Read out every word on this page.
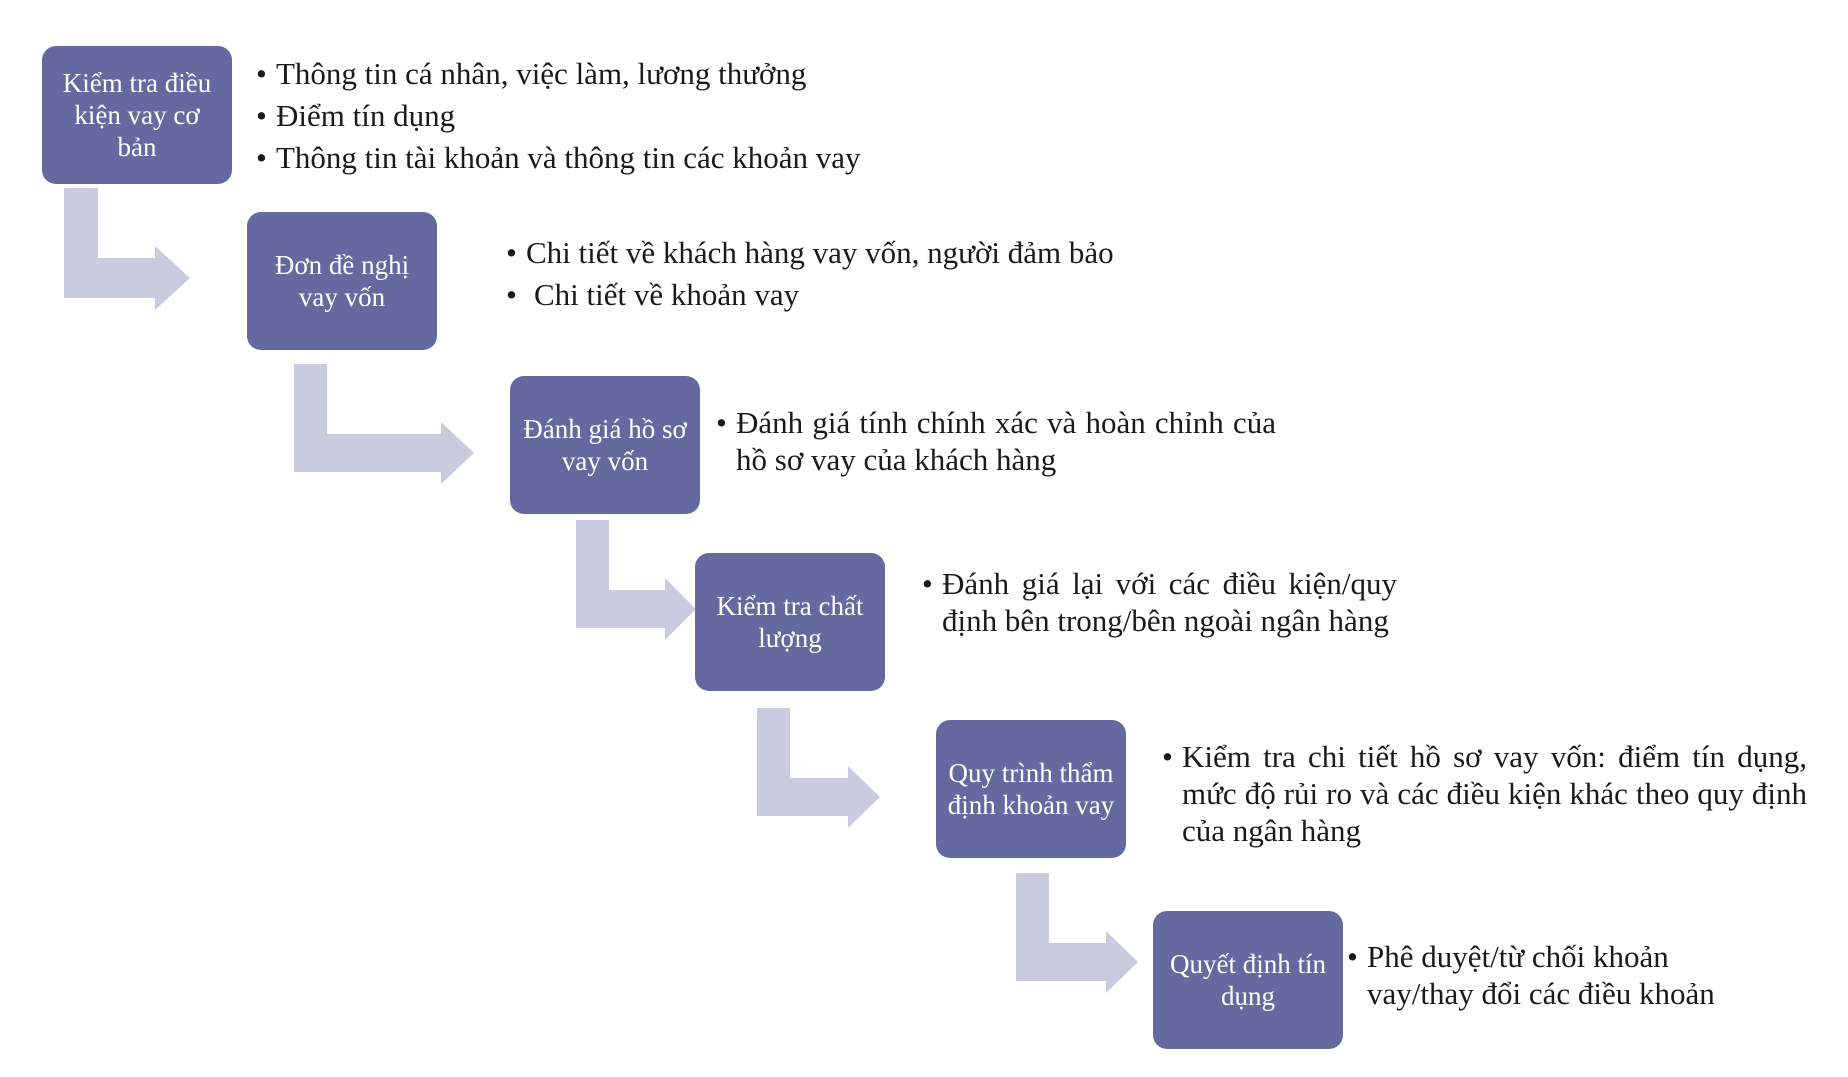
Kiểm tra điều kiện vay cơ bản
• Thông tin cá nhân, việc làm, lương thưởng
• Điểm tín dụng
• Thông tin tài khoản và thông tin các khoản vay
Đơn đề nghị vay vốn
• Chi tiết về khách hàng vay vốn, người đảm bảo
• Chi tiết về khoản vay
Đánh giá hồ sơ vay vốn
• Đánh giá tính chính xác và hoàn chỉnh của hồ sơ vay của khách hàng
Kiểm tra chất lượng
• Đánh giá lại với các điều kiện/quy định bên trong/bên ngoài ngân hàng
Quy trình thẩm định khoản vay
• Kiểm tra chi tiết hồ sơ vay vốn: điểm tín dụng, mức độ rủi ro và các điều kiện khác theo quy định của ngân hàng
Quyết định tín dụng
• Phê duyệt/từ chối khoản vay/thay đổi các điều khoản
